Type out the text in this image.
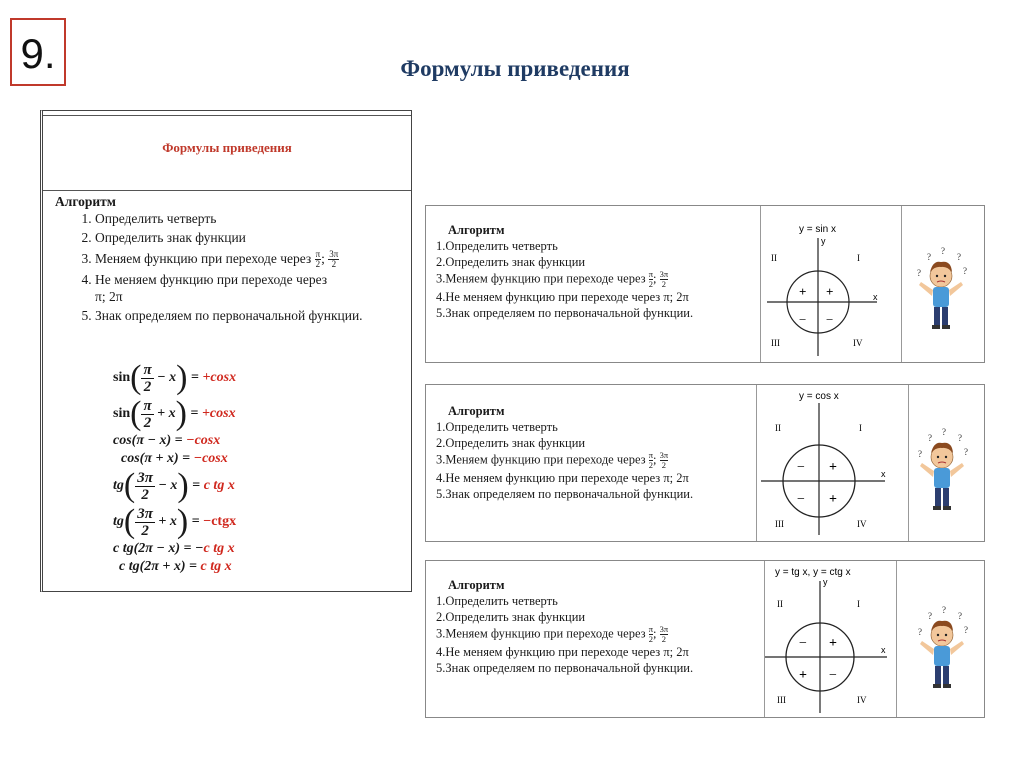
9.	Формулы приведения
Формулы приведения
Алгоритм
1. Определить четверть
2. Определить знак функции
3. Меняем функцию при переходе через $\frac{\pi}{2}$ ; $\frac{3\pi}{2}$
4. Не меняем функцию при переходе через
π; 2π
5. Знак определяем по первоначальной функции.
$\sin( \frac{\pi}{2} - x) = +\cos x$
$\sin( \frac{\pi}{2} + x) = +\cos x$
cos(π − x) = −cosx
cos(π + x) = −cosx
$tg( \frac{3\pi}{2} - x) = c$ tg x
$tg( \frac{3\pi}{2} + x)$ = −ctgx
c tg(2π − x) = −c tg x
c tg(2π + x) = c tg x
Алгоритм
1.Определить четверть
2.Определить знак функции
3.Меняем функцию при переходе через $\frac{\pi}{2}$ ; $\frac{3\pi}{2}$
4.Не меняем функцию при переходе через π; 2π
5.Знак определяем по первоначальной функции.
y = sin x
y
x
II	I
III	IV
+ +
− −
?
?
?
?
?
Алгоритм
1.Определить четверть
2.Определить знак функции
3.Меняем функцию при переходе через $\frac{\pi}{2}$ ; $\frac{3\pi}{2}$
4.Не меняем функцию при переходе через π; 2π
5.Знак определяем по первоначальной функции.
y = cos x
x
II	I
III	IV
− +
− +
?
?
?
?
?
Алгоритм
1.Определить четверть
2.Определить знак функции
3.Меняем функцию при переходе через $\frac{\pi}{2}$ ; $\frac{3\pi}{2}$
4.Не меняем функцию при переходе через π; 2π
5.Знак определяем по первоначальной функции.
y = tg x, y = ctg x
y
x
II	I
III	IV
− +
+ −
?
?
?
?
?
